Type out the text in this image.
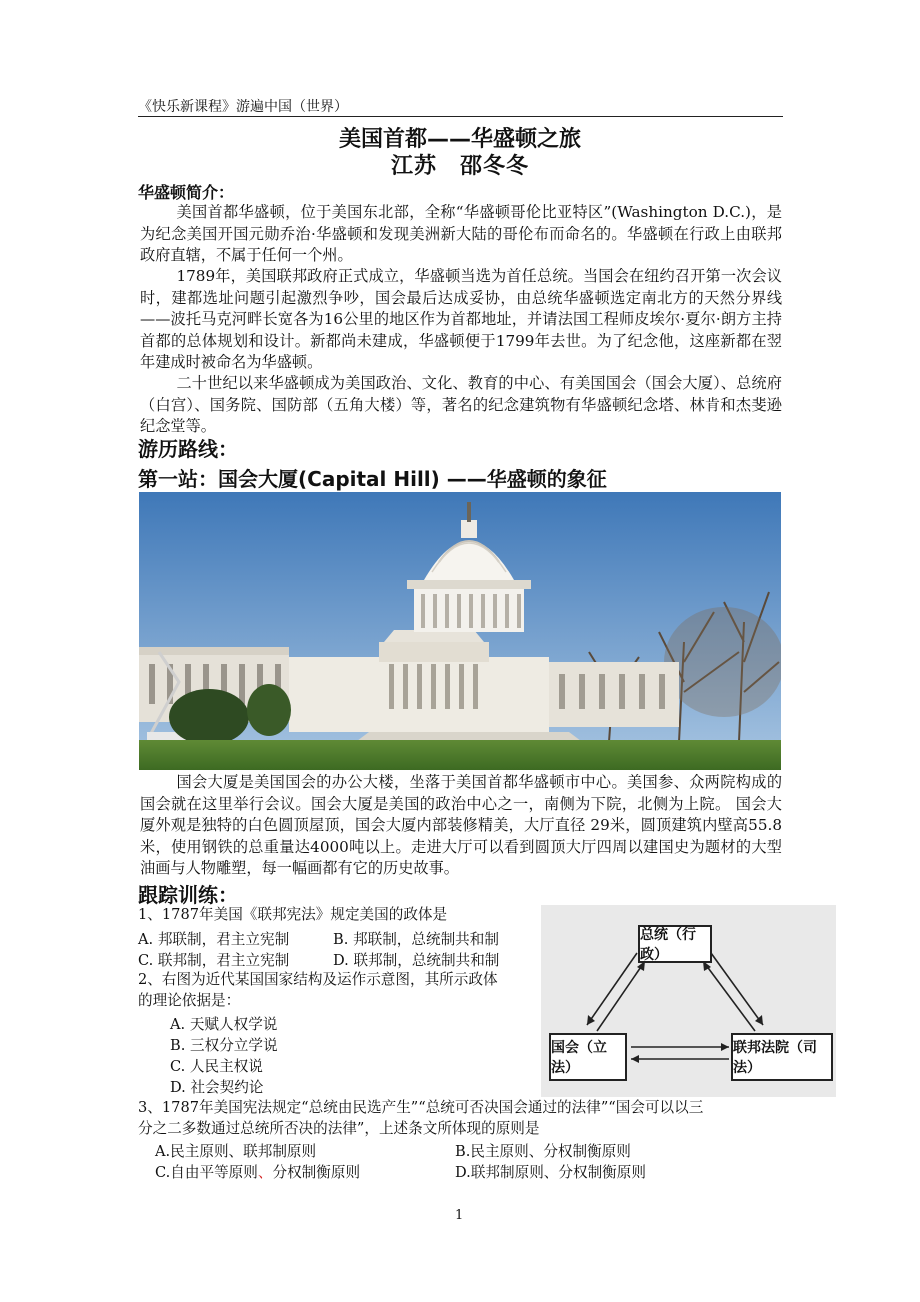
《快乐新课程》游遍中国（世界）
美国首都——华盛顿之旅
江苏　邵冬冬
华盛顿简介：
美国首都华盛顿，位于美国东北部，全称“华盛顿哥伦比亚特区”(Washington D.C.)，是为纪念美国开国元勋乔治·华盛顿和发现美洲新大陆的哥伦布而命名的。华盛顿在行政上由联邦政府直辖，不属于任何一个州。
1789年，美国联邦政府正式成立，华盛顿当选为首任总统。当国会在纽约召开第一次会议时，建都选址问题引起激烈争吵，国会最后达成妥协，由总统华盛顿选定南北方的天然分界线——波托马克河畔长宽各为16公里的地区作为首都地址，并请法国工程师皮埃尔·夏尔·朗方主持首都的总体规划和设计。新都尚未建成，华盛顿便于1799年去世。为了纪念他，这座新都在翌年建成时被命名为华盛顿。
二十世纪以来华盛顿成为美国政治、文化、教育的中心、有美国国会（国会大厦）、总统府（白宫）、国务院、国防部（五角大楼）等，著名的纪念建筑物有华盛顿纪念塔、林肯和杰斐逊纪念堂等。
游历路线：
第一站：国会大厦(Capital Hill) ——华盛顿的象征
国会大厦是美国国会的办公大楼，坐落于美国首都华盛顿市中心。美国参、众两院构成的国会就在这里举行会议。国会大厦是美国的政治中心之一，南侧为下院，北侧为上院。 国会大厦外观是独特的白色圆顶屋顶，国会大厦内部装修精美，大厅直径 29米，圆顶建筑内壁高55.8米，使用钢铁的总重量达4000吨以上。走进大厅可以看到圆顶大厅四周以建国史为题材的大型油画与人物雕塑，每一幅画都有它的历史故事。
跟踪训练：
1、1787年美国《联邦宪法》规定美国的政体是
A. 邦联制，君主立宪制	B. 邦联制，总统制共和制
C. 联邦制，君主立宪制	D. 联邦制，总统制共和制
2、右图为近代某国国家结构及运作示意图，其所示政体
的理论依据是：
A. 天赋人权学说
B. 三权分立学说
C. 人民主权说
D. 社会契约论
总统（行政）
国会（立法）
联邦法院（司法）
3、1787年美国宪法规定“总统由民选产生”“总统可否决国会通过的法律”“国会可以以三
分之二多数通过总统所否决的法律”，上述条文所体现的原则是
A.民主原则、联邦制原则	B.民主原则、分权制衡原则
C.自由平等原则、分权制衡原则	D.联邦制原则、分权制衡原则
1
